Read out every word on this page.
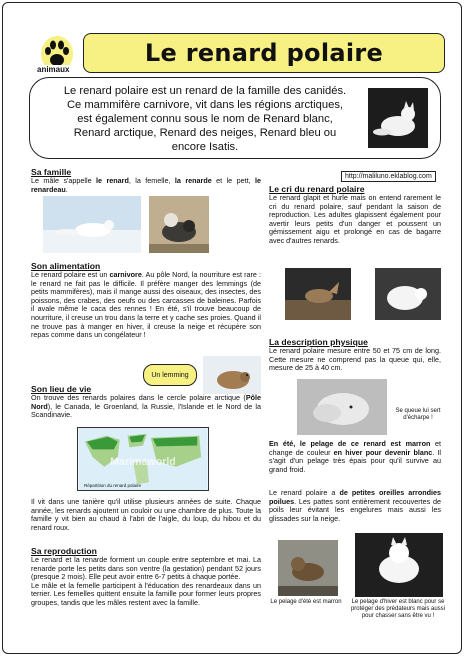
animaux
Le renard polaire

Le renard polaire est un renard de la famille des canidés. Ce mammifère carnivore, vit dans les régions arctiques, est également connu sous le nom de Renard blanc, Renard arctique, Renard des neiges, Renard bleu ou encore Isatis.

http://maliluno.eklablog.com
Sa famille

Le mâle s'appelle le renard, la femelle, la renarde et le pett, le renardeau.

Son alimentation

Le renard polaire est un carnivore. Au pôle Nord, la nourriture est rare : le renard ne fait pas le difficile. Il préfère manger des lemmings (de petits mammifères), mais il mange aussi des oiseaux, des insectes, des poissons, des crabes, des oeufs ou des carcasses de baleines. Parfois il avale même le caca des rennes ! En été, s'il trouve beaucoup de nourriture, il creuse un trou dans la terre et y cache ses proies. Quand il ne trouve pas à manger en hiver, il creuse la neige et récupère son repas comme dans un congélateur !

Un lemming
Son lieu de vie

On trouve des renards polaires dans le cercle polaire arctique (Pôle Nord), le Canada, le Groenland, la Russie, l'Islande et le Nord de la Scandinavie.

Marimaworld
Répartition du renard polaire

Il vit dans une tanière qu'il utilise plusieurs années de suite. Chaque année, les renards ajoutent un couloir ou une chambre de plus. Toute la famille y vit bien au chaud à l'abri de l'aigle, du loup, du hibou et du renard roux.

Sa reproduction

Le renard et la renarde forment un couple entre septembre et mai. La renarde porte les petits dans son ventre (la gestation) pendant 52 jours (presque 2 mois). Elle peut avoir entre 6-7 petits à chaque portée.

Le mâle et la femelle participent à l'éducation des renardeaux dans un terrier. Les femelles quittent ensuite la famille pour former leurs propres groupes, tandis que les mâles restent avec la famille.

Le cri du renard polaire

Le renard glapit et hurle mais on entend rarement le cri du renard polaire, sauf pendant la saison de reproduction. Les adultes glapissent également pour avertir leurs petits d'un danger et poussent un gémissement aigu et prolongé en cas de bagarre avec d'autres renards.

La description physique

Le renard polaire mesure entre 50 et 75 cm de long. Cette mesure ne comprend pas la queue qui, elle, mesure de 25 à 40 cm.

Se queue lui sert d'écharpe !

En été, le pelage de ce renard est marron et change de couleur en hiver pour devenir blanc. Il s'agit d'un pelage très épais pour qu'il survive au grand froid.

Le renard polaire a de petites oreilles arrondies poilues. Les pattes sont entièrement recouvertes de poils leur évitant les engelures mais aussi les glissades sur la neige.

Le pelage d'été est marron	Le pelage d'hiver est blanc pour se protéger des prédateurs mais aussi pour chasser sans être vu !
